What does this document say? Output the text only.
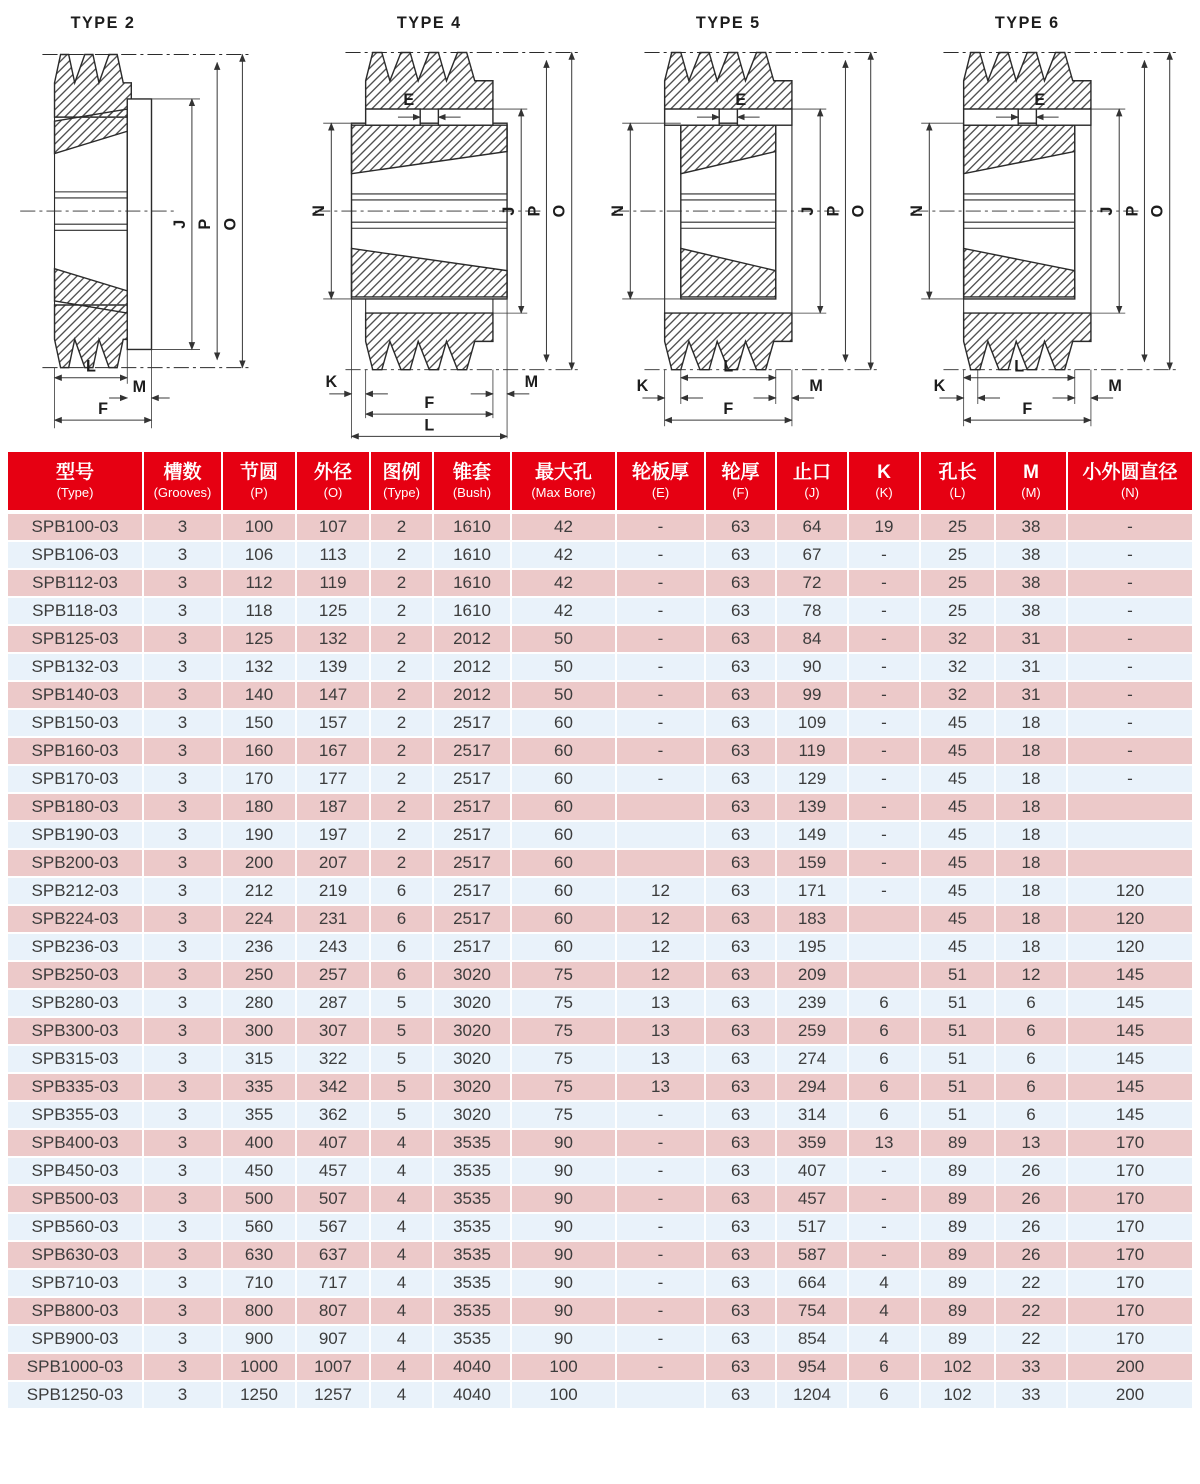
TYPE 2
J P O
L
M
F
TYPE 4
E
N	J P O
K	M
F
L
TYPE 5
E
N	J P O
L
K	M
F
TYPE 6
E
N	J P O
L
K	M
F
型号
(Type)

槽数
(Grooves)

节圆
(P)

外径
(O)

图例
(Type)

锥套
(Bush)

最大孔
(Max Bore)

轮板厚
(E)

轮厚
(F)

止口
(J)

K
(K)

孔长
(L)

M
(M)

小外圆直径
(N)

SPB100-03	3	100	107	2	1610	42	-	63	64	19	25	38	-
SPB106-03	3	106	113	2	1610	42	-	63	67	-	25	38	-
SPB112-03	3	112	119	2	1610	42	-	63	72	-	25	38	-
SPB118-03	3	118	125	2	1610	42	-	63	78	-	25	38	-
SPB125-03	3	125	132	2	2012	50	-	63	84	-	32	31	-
SPB132-03	3	132	139	2	2012	50	-	63	90	-	32	31	-
SPB140-03	3	140	147	2	2012	50	-	63	99	-	32	31	-
SPB150-03	3	150	157	2	2517	60	-	63	109	-	45	18	-
SPB160-03	3	160	167	2	2517	60	-	63	119	-	45	18	-
SPB170-03	3	170	177	2	2517	60	-	63	129	-	45	18	-
SPB180-03	3	180	187	2	2517	60		63	139	-	45	18	
SPB190-03	3	190	197	2	2517	60		63	149	-	45	18	
SPB200-03	3	200	207	2	2517	60		63	159	-	45	18	
SPB212-03	3	212	219	6	2517	60	12	63	171	-	45	18	120
SPB224-03	3	224	231	6	2517	60	12	63	183		45	18	120
SPB236-03	3	236	243	6	2517	60	12	63	195		45	18	120
SPB250-03	3	250	257	6	3020	75	12	63	209		51	12	145
SPB280-03	3	280	287	5	3020	75	13	63	239	6	51	6	145
SPB300-03	3	300	307	5	3020	75	13	63	259	6	51	6	145
SPB315-03	3	315	322	5	3020	75	13	63	274	6	51	6	145
SPB335-03	3	335	342	5	3020	75	13	63	294	6	51	6	145
SPB355-03	3	355	362	5	3020	75	-	63	314	6	51	6	145
SPB400-03	3	400	407	4	3535	90	-	63	359	13	89	13	170
SPB450-03	3	450	457	4	3535	90	-	63	407	-	89	26	170
SPB500-03	3	500	507	4	3535	90	-	63	457	-	89	26	170
SPB560-03	3	560	567	4	3535	90	-	63	517	-	89	26	170
SPB630-03	3	630	637	4	3535	90	-	63	587	-	89	26	170
SPB710-03	3	710	717	4	3535	90	-	63	664	4	89	22	170
SPB800-03	3	800	807	4	3535	90	-	63	754	4	89	22	170
SPB900-03	3	900	907	4	3535	90	-	63	854	4	89	22	170
SPB1000-03	3	1000	1007	4	4040	100	-	63	954	6	102	33	200
SPB1250-03	3	1250	1257	4	4040	100		63	1204	6	102	33	200
